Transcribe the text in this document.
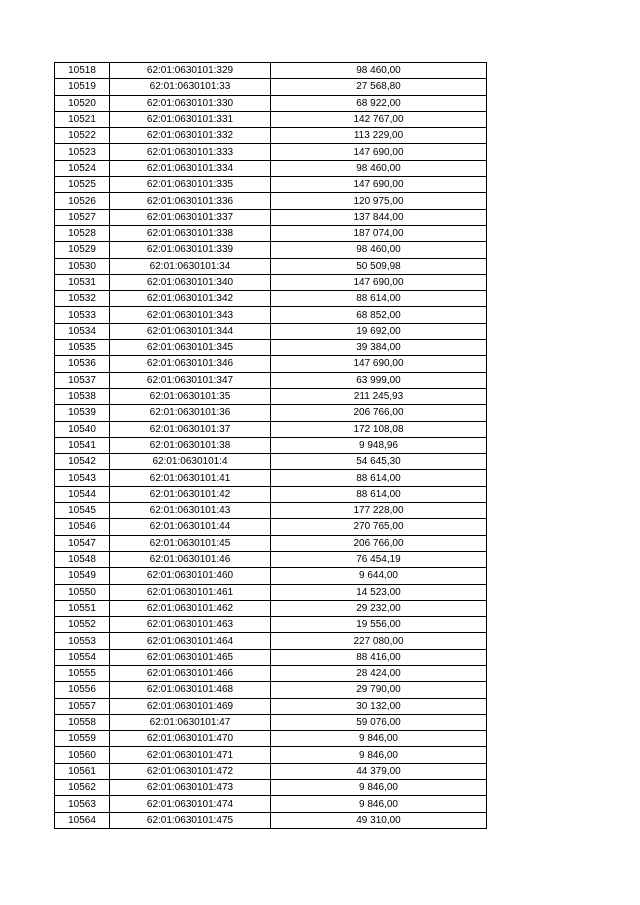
10518	62:01:0630101:329	98 460,00
10519	62:01:0630101:33	27 568,80
10520	62:01:0630101:330	68 922,00
10521	62:01:0630101:331	142 767,00
10522	62:01:0630101:332	113 229,00
10523	62:01:0630101:333	147 690,00
10524	62:01:0630101:334	98 460,00
10525	62:01:0630101:335	147 690,00
10526	62:01:0630101:336	120 975,00
10527	62:01:0630101:337	137 844,00
10528	62:01:0630101:338	187 074,00
10529	62:01:0630101:339	98 460,00
10530	62:01:0630101:34	50 509,98
10531	62:01:0630101:340	147 690,00
10532	62:01:0630101:342	88 614,00
10533	62:01:0630101:343	68 852,00
10534	62:01:0630101:344	19 692,00
10535	62:01:0630101:345	39 384,00
10536	62:01:0630101:346	147 690,00
10537	62:01:0630101:347	63 999,00
10538	62:01:0630101:35	211 245,93
10539	62:01:0630101:36	206 766,00
10540	62:01:0630101:37	172 108,08
10541	62:01:0630101:38	9 948,96
10542	62:01:0630101:4	54 645,30
10543	62:01:0630101:41	88 614,00
10544	62:01:0630101:42	88 614,00
10545	62:01:0630101:43	177 228,00
10546	62:01:0630101:44	270 765,00
10547	62:01:0630101:45	206 766,00
10548	62:01:0630101:46	76 454,19
10549	62:01:0630101:460	9 644,00
10550	62:01:0630101:461	14 523,00
10551	62:01:0630101:462	29 232,00
10552	62:01:0630101:463	19 556,00
10553	62:01:0630101:464	227 080,00
10554	62:01:0630101:465	88 416,00
10555	62:01:0630101:466	28 424,00
10556	62:01:0630101:468	29 790,00
10557	62:01:0630101:469	30 132,00
10558	62:01:0630101:47	59 076,00
10559	62:01:0630101:470	9 846,00
10560	62:01:0630101:471	9 846,00
10561	62:01:0630101:472	44 379,00
10562	62:01:0630101:473	9 846,00
10563	62:01:0630101:474	9 846,00
10564	62:01:0630101:475	49 310,00
